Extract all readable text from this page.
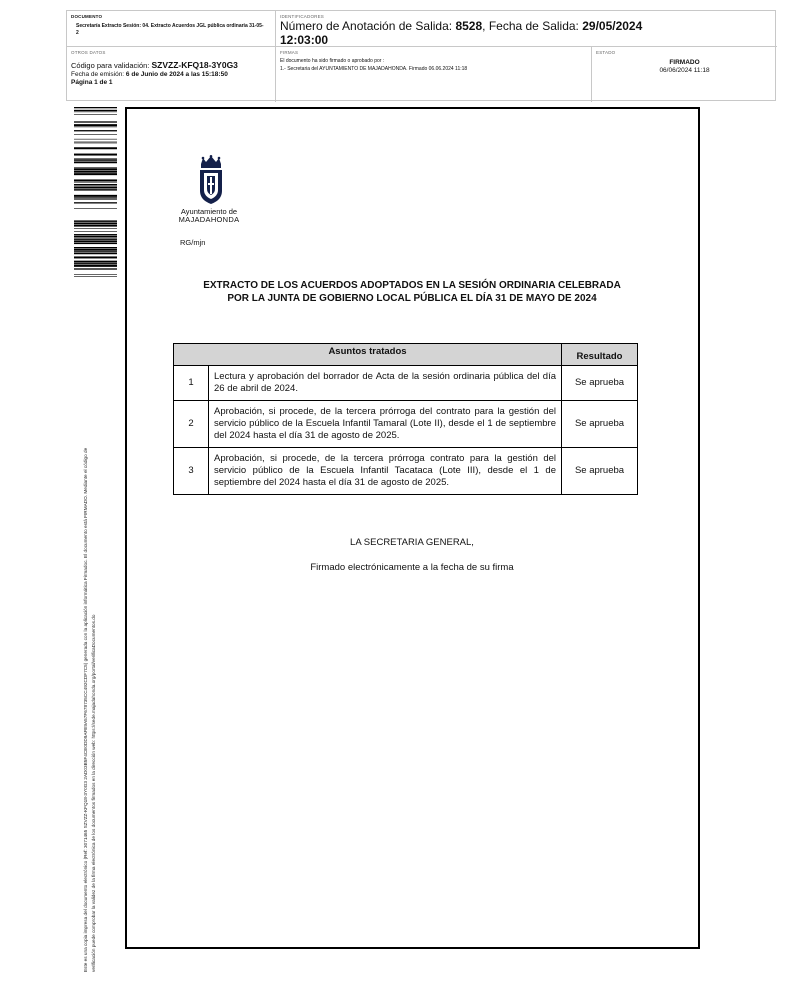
DOCUMENTO
Secretaría Extracto Sesión: 04. Extracto Acuerdos JGL pública ordinaria 31-05-2
IDENTIFICADORES
Número de Anotación de Salida: 8528, Fecha de Salida: 29/05/2024
12:03:00
OTROS DATOS
Código para validación: SZVZZ-KFQ18-3Y0G3
Fecha de emisión: 6 de Junio de 2024 a las 15:18:50
Página 1 de 1
FIRMAS
El documento ha sido firmado o aprobado por :
1.- Secretaria del AYUNTAMIENTO DE MAJADAHONDA. Firmado 06.06.2024 11:18
ESTADO
FIRMADO
06/06/2024 11:18
Este es una copia impresa del documento electrónico (Ref: 3071465 SZVZZ-KFQ18-3Y0G3 2AD03B5F4CE0DD9AFE9A57F678735CC492CDF7C5) generada con la aplicación informática Firmadoc. El documento está FIRMADO. Mediante el código de verificación puede comprobar la validez de la firma electrónica de los documentos firmados en la dirección web: https://sede.majadahonda.org/portal/verificaDocumentos.do
Ayuntamiento de
MAJADAHONDA
RG/mjn
EXTRACTO DE LOS ACUERDOS ADOPTADOS EN LA SESIÓN ORDINARIA CELEBRADA
POR LA JUNTA DE GOBIERNO LOCAL PÚBLICA EL DÍA 31 DE MAYO DE 2024
Asuntos tratados		Resultado
1	Lectura y aprobación del borrador de Acta de la sesión ordinaria pública del día 26 de abril de 2024.	Se aprueba
2	Aprobación, si procede, de la tercera prórroga del contrato para la gestión del servicio público de la Escuela Infantil Tamaral (Lote II), desde el 1 de septiembre del 2024 hasta el día 31 de agosto de 2025.	Se aprueba
3	Aprobación, si procede, de la tercera prórroga contrato para la gestión del servicio público de la Escuela Infantil Tacataca (Lote III), desde el 1 de septiembre del 2024 hasta el día 31 de agosto de 2025.	Se aprueba
LA SECRETARIA GENERAL,
Firmado electrónicamente a la fecha de su firma
